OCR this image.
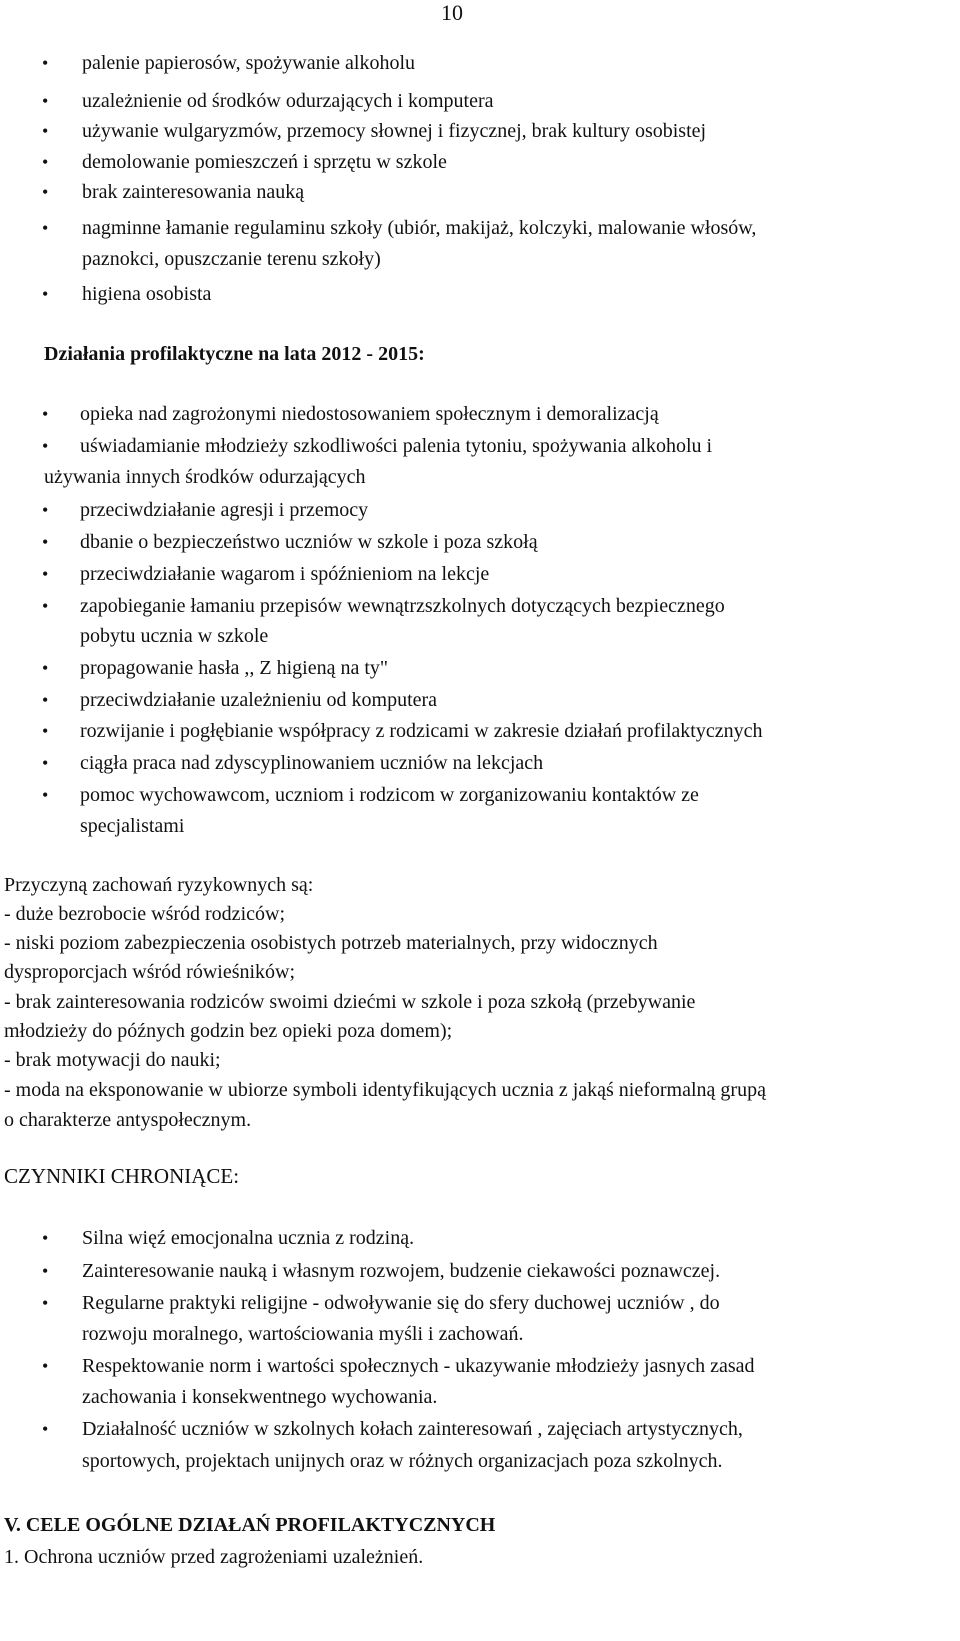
10
• palenie papierosów, spożywanie alkoholu
• uzależnienie od środków odurzających i komputera
• używanie wulgaryzmów, przemocy słownej i fizycznej, brak kultury osobistej
• demolowanie pomieszczeń i sprzętu w szkole
• brak zainteresowania nauką
• nagminne łamanie regulaminu szkoły (ubiór, makijaż, kolczyki, malowanie włosów,
paznokci, opuszczanie terenu szkoły)
• higiena osobista
Działania profilaktyczne na lata 2012 - 2015:
• opieka nad zagrożonymi niedostosowaniem społecznym i demoralizacją
• uświadamianie młodzieży szkodliwości palenia tytoniu, spożywania alkoholu i
używania innych środków odurzających
• przeciwdziałanie agresji i przemocy
• dbanie o bezpieczeństwo uczniów w szkole i poza szkołą
• przeciwdziałanie wagarom i spóźnieniom na lekcje
• zapobieganie łamaniu przepisów wewnątrzszkolnych dotyczących bezpiecznego
pobytu ucznia w szkole
• propagowanie hasła ,, Z higieną na ty"
• przeciwdziałanie uzależnieniu od komputera
• rozwijanie i pogłębianie współpracy z rodzicami w zakresie działań profilaktycznych
• ciągła praca nad zdyscyplinowaniem uczniów na lekcjach
• pomoc wychowawcom, uczniom i rodzicom w zorganizowaniu kontaktów ze
specjalistami
Przyczyną zachowań ryzykownych są:
- duże bezrobocie wśród rodziców;
- niski poziom zabezpieczenia osobistych potrzeb materialnych, przy widocznych
dysproporcjach wśród rówieśników;
- brak zainteresowania rodziców swoimi dziećmi w szkole i poza szkołą (przebywanie
młodzieży do późnych godzin bez opieki poza domem);
- brak motywacji do nauki;
- moda na eksponowanie w ubiorze symboli identyfikujących ucznia z jakąś nieformalną grupą
o charakterze antyspołecznym.
CZYNNIKI CHRONIĄCE:
• Silna więź emocjonalna ucznia z rodziną.
• Zainteresowanie nauką i własnym rozwojem, budzenie ciekawości poznawczej.
• Regularne praktyki religijne - odwoływanie się do sfery duchowej uczniów , do
rozwoju moralnego, wartościowania myśli i zachowań.
• Respektowanie norm i wartości społecznych - ukazywanie młodzieży jasnych zasad
zachowania i konsekwentnego wychowania.
• Działalność uczniów w szkolnych kołach zainteresowań , zajęciach artystycznych,
sportowych, projektach unijnych oraz w różnych organizacjach poza szkolnych.
V. CELE OGÓLNE DZIAŁAŃ PROFILAKTYCZNYCH
1. Ochrona uczniów przed zagrożeniami uzależnień.
